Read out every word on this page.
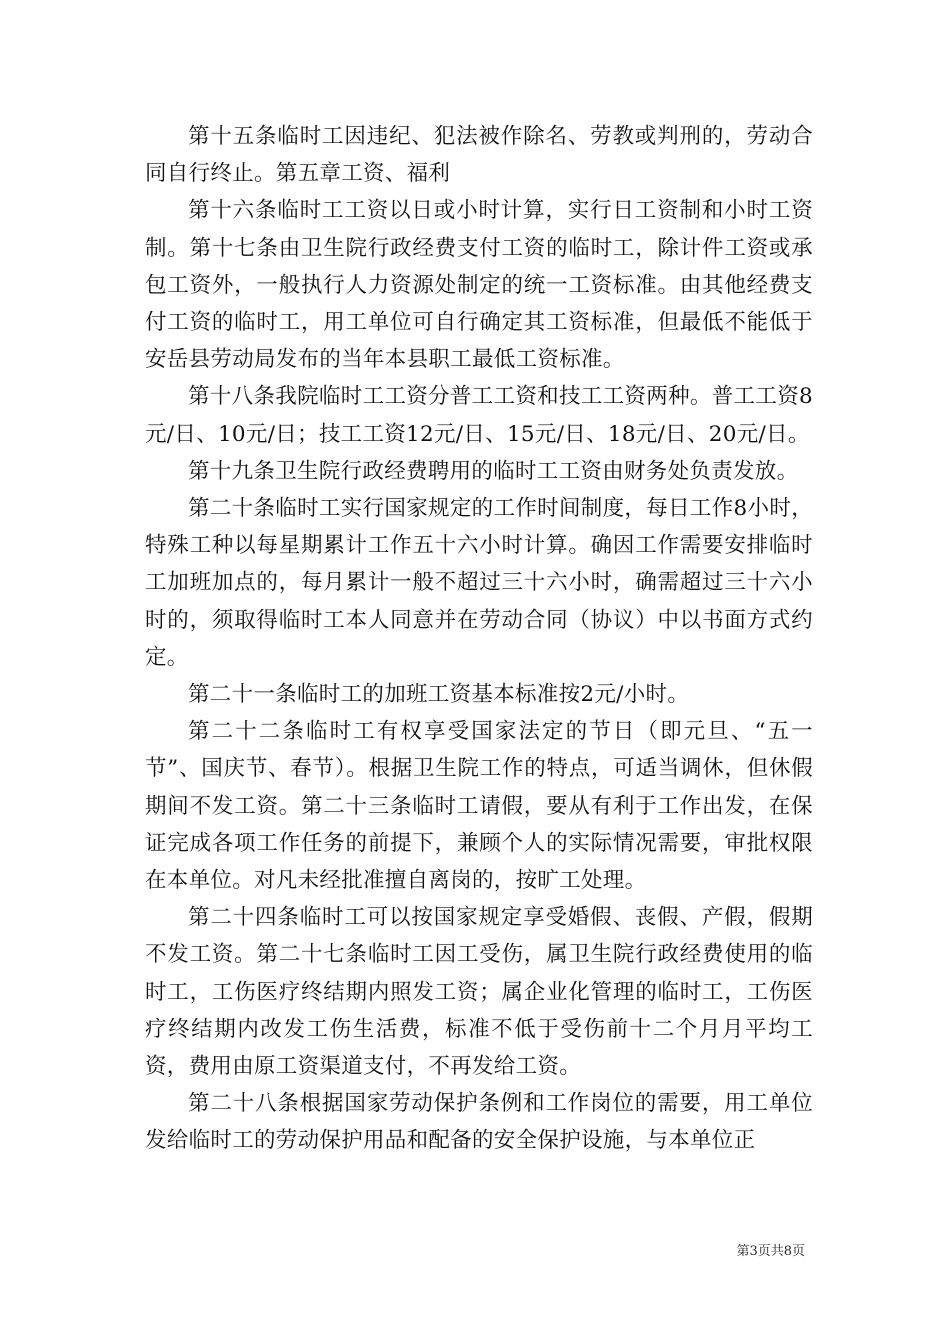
第十五条临时工因违纪、犯法被作除名、劳教或判刑的，劳动合同自行终止。第五章工资、福利

第十六条临时工工资以日或小时计算，实行日工资制和小时工资制。第十七条由卫生院行政经费支付工资的临时工，除计件工资或承包工资外，一般执行人力资源处制定的统一工资标准。由其他经费支付工资的临时工，用工单位可自行确定其工资标准，但最低不能低于安岳县劳动局发布的当年本县职工最低工资标准。

第十八条我院临时工工资分普工工资和技工工资两种。普工工资8元/日、10元/日；技工工资12元/日、15元/日、18元/日、20元/日。

第十九条卫生院行政经费聘用的临时工工资由财务处负责发放。

第二十条临时工实行国家规定的工作时间制度，每日工作8小时，特殊工种以每星期累计工作五十六小时计算。确因工作需要安排临时工加班加点的，每月累计一般不超过三十六小时，确需超过三十六小时的，须取得临时工本人同意并在劳动合同（协议）中以书面方式约定。

第二十一条临时工的加班工资基本标准按2元/小时。

第二十二条临时工有权享受国家法定的节日（即元旦、“五一节”、国庆节、春节）。根据卫生院工作的特点，可适当调休，但休假期间不发工资。第二十三条临时工请假，要从有利于工作出发，在保证完成各项工作任务的前提下，兼顾个人的实际情况需要，审批权限在本单位。对凡未经批准擅自离岗的，按旷工处理。

第二十四条临时工可以按国家规定享受婚假、丧假、产假，假期不发工资。第二十七条临时工因工受伤，属卫生院行政经费使用的临时工，工伤医疗终结期内照发工资；属企业化管理的临时工，工伤医疗终结期内改发工伤生活费，标准不低于受伤前十二个月月平均工资，费用由原工资渠道支付，不再发给工资。

第二十八条根据国家劳动保护条例和工作岗位的需要，用工单位发给临时工的劳动保护用品和配备的安全保护设施，与本单位正

第3页共8页
